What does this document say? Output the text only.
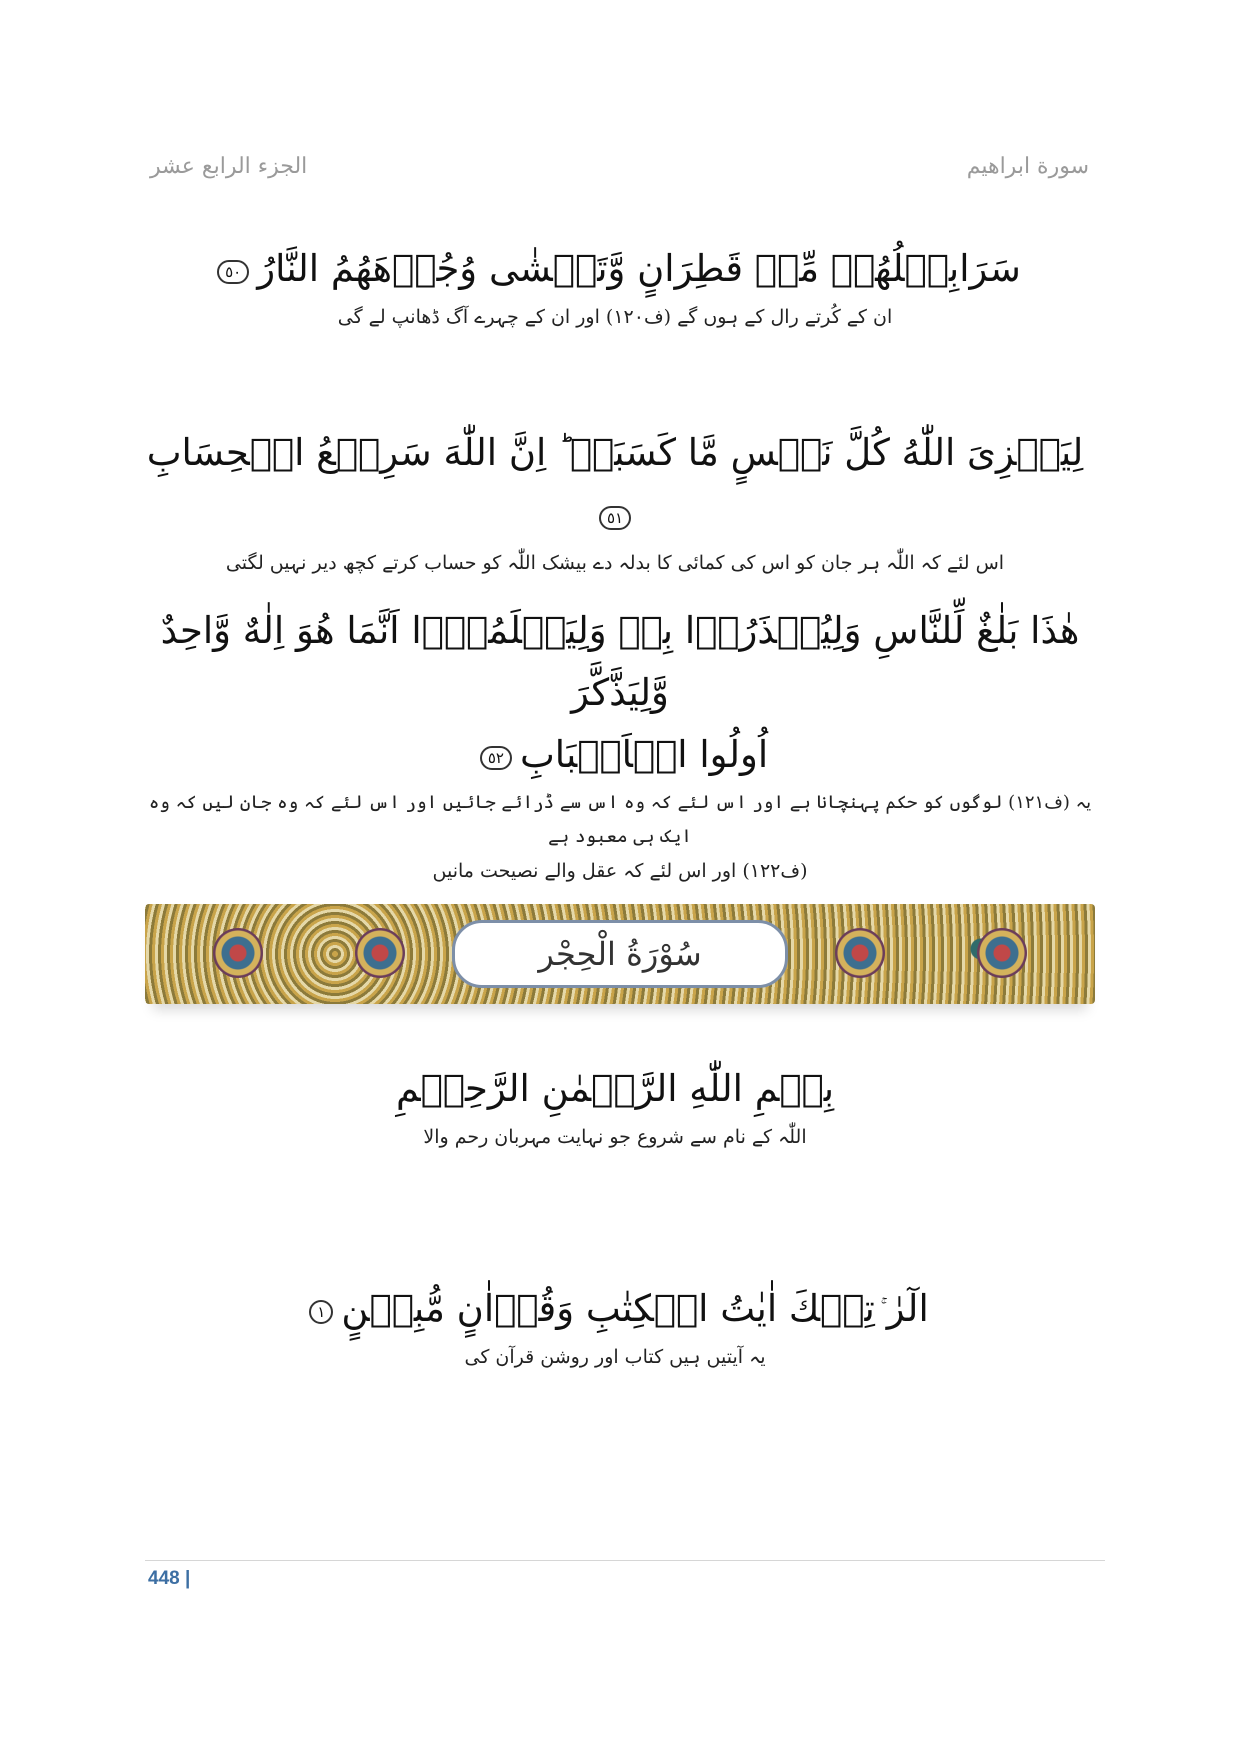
الجزء الرابع عشر	سورة ابراهيم
سَرَابِيۡلُهُمۡ مِّنۡ قَطِرَانٍ وَّتَغۡشٰى وُجُوۡهَهُمُ النَّارُ٥٠
ان کے کُرتے رال کے ہوں گے (ف۱۲۰) اور ان کے چہرے آگ ڈھانپ لے گی
لِيَجۡزِىَ اللّٰهُ كُلَّ نَفۡسٍ مَّا كَسَبَتۡ ؕ اِنَّ اللّٰهَ سَرِيۡعُ الۡحِسَابِ٥١
اس لئے کہ اللّٰہ ہر جان کو اس کی کمائی کا بدلہ دے بیشک اللّٰہ کو حساب کرتے کچھ دیر نہیں لگتی
هٰذَا بَلٰغٌ لِّلنَّاسِ وَلِيُنۡذَرُوۡا بِهٖ وَلِيَعۡلَمُوۡۤا اَنَّمَا هُوَ اِلٰهٌ وَّاحِدٌ وَّلِيَذَّكَّرَ
اُولُوا الۡاَلۡبَابِ٥٢
یہ (ف۱۲۱) لوگوں کو حکم پہنچانا ہے اور اس لئے کہ وہ اس سے ڈرائے جائیں اور اس لئے کہ وہ جان لیں کہ وہ ایک ہی معبود ہے
(ف۱۲۲) اور اس لئے کہ عقل والے نصیحت مانیں
سُوْرَةُ الْحِجْر
بِسۡمِ اللّٰهِ الرَّحۡمٰنِ الرَّحِيۡمِ
اللّٰہ کے نام سے شروع جو نہایت مہربان رحم والا
الٓرٰتِلۡكَ اٰيٰتُ الۡكِتٰبِ وَقُرۡاٰنٍ مُّبِيۡنٍ١
یہ آیتیں ہیں کتاب اور روشن قرآن کی
448 |
